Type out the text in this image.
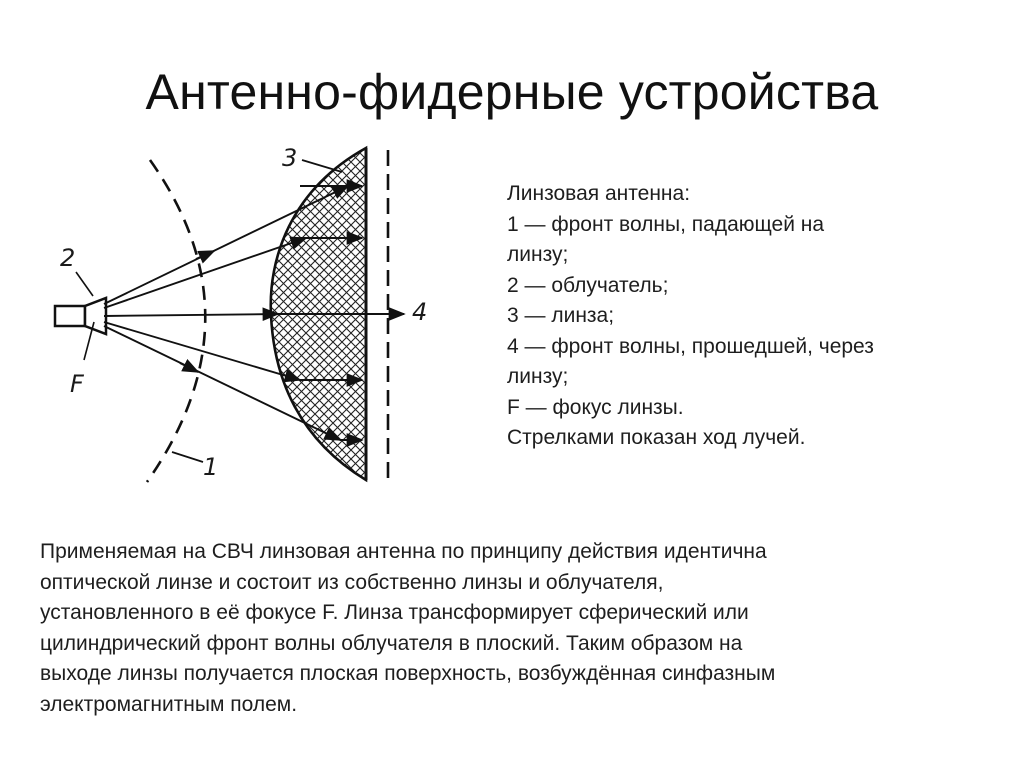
Антенно-фидерные устройства
1
2
3
4
F
Линзовая антенна:
1 — фронт волны, падающей на
линзу;
2 — облучатель;
3 — линза;
4 — фронт волны, прошедшей, через
линзу;
F — фокус линзы.
Стрелками показан ход лучей.
Применяемая на СВЧ линзовая антенна по принципу действия идентична
оптической линзе и состоит из собственно линзы и облучателя,
установленного в её фокусе F. Линза трансформирует сферический или
цилиндрический фронт волны облучателя в плоский. Таким образом на
выходе линзы получается плоская поверхность, возбуждённая синфазным
электромагнитным полем.
